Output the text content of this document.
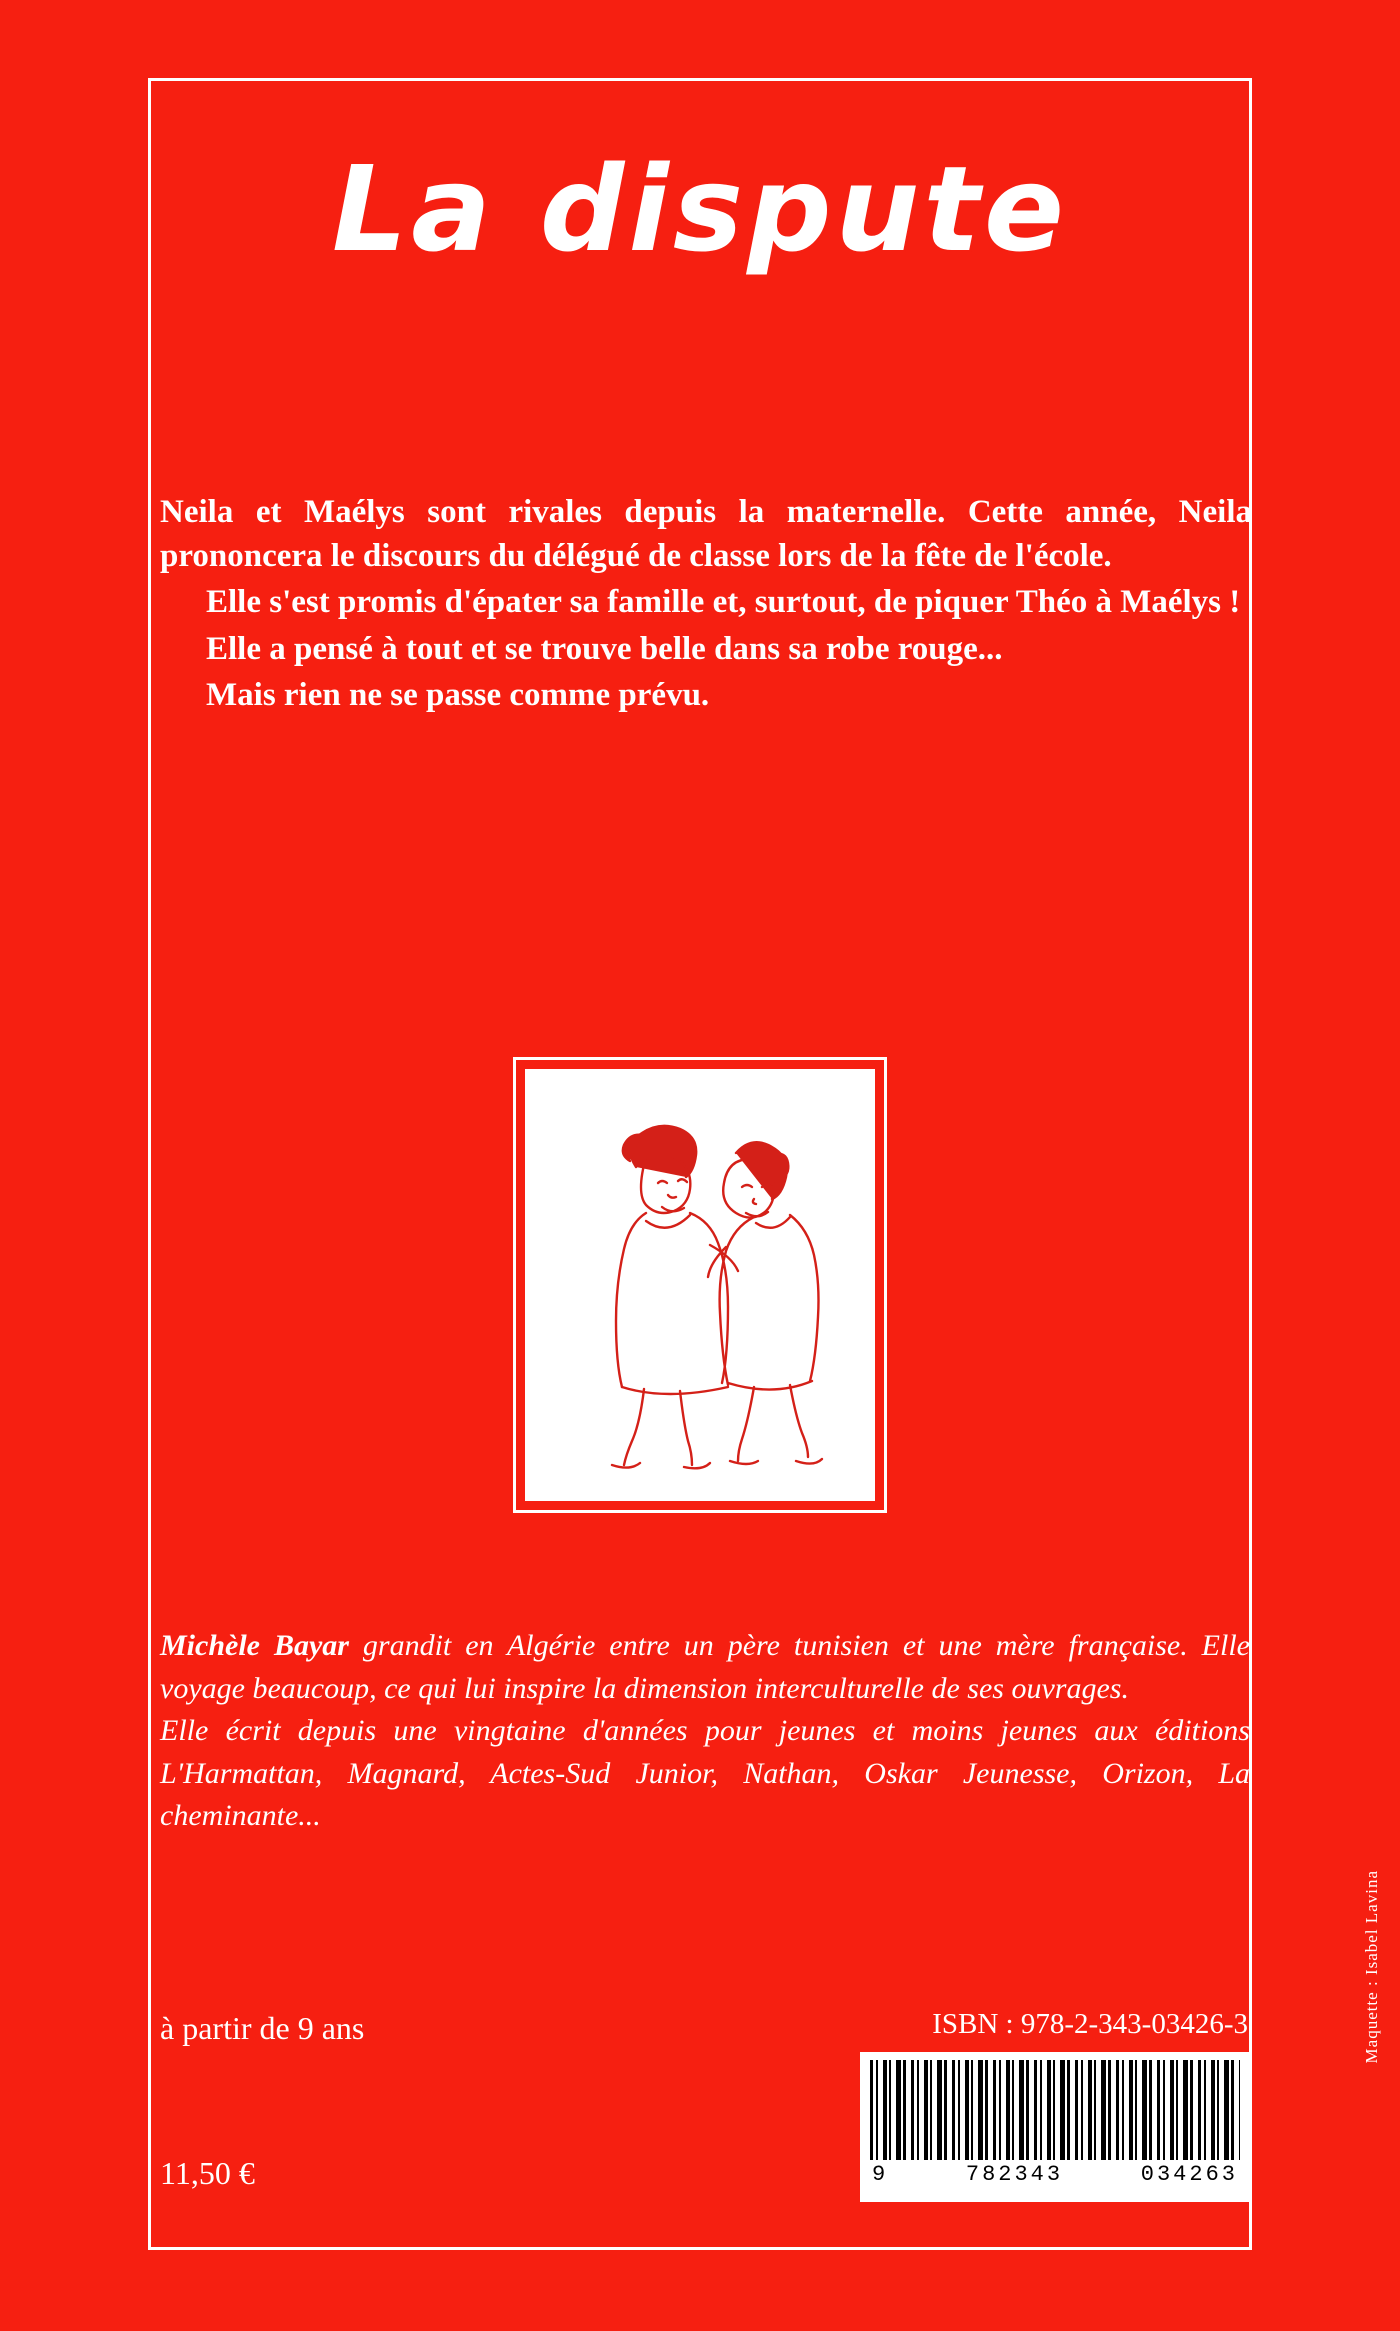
La dispute

Neila et Maélys sont rivales depuis la maternelle. Cette année, Neila prononcera le discours du délégué de classe lors de la fête de l'école.

Elle s'est promis d'épater sa famille et, surtout, de piquer Théo à Maélys !

Elle a pensé à tout et se trouve belle dans sa robe rouge...

Mais rien ne se passe comme prévu.

Michèle Bayar grandit en Algérie entre un père tunisien et une mère française. Elle voyage beaucoup, ce qui lui inspire la dimension interculturelle de ses ouvrages.

Elle écrit depuis une vingtaine d'années pour jeunes et moins jeunes aux éditions L'Harmattan, Magnard, Actes-Sud Junior, Nathan, Oskar Jeunesse, Orizon, La cheminante...

à partir de 9 ans
11,50 €
ISBN : 978-2-343-03426-3
9	782343	034263
Maquette : Isabel Lavina
